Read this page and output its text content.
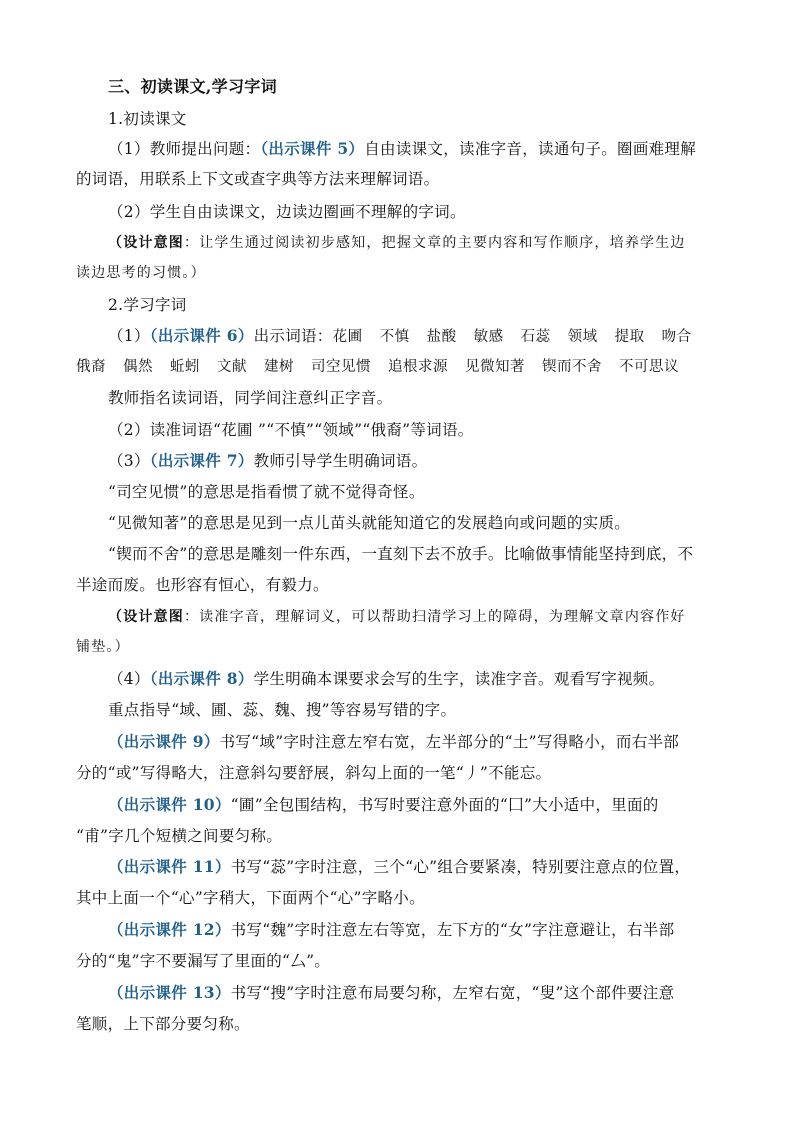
三、初读课文,学习字词
1.初读课文
（1）教师提出问题：（出示课件 5）自由读课文，读准字音，读通句子。圈画难理解
的词语，用联系上下文或查字典等方法来理解词语。
（2）学生自由读课文，边读边圈画不理解的字词。
（设计意图：让学生通过阅读初步感知，把握文章的主要内容和写作顺序，培养学生边
读边思考的习惯。）
2.学习字词
（1）（出示课件 6）出示词语：花圃 不慎 盐酸 敏感 石蕊 领域 提取 吻合
俄裔 偶然 蚯蚓 文献 建树 司空见惯 追根求源 见微知著 锲而不舍 不可思议
教师指名读词语，同学间注意纠正字音。
（2）读准词语“花圃 ”“不慎”“领域”“俄裔”等词语。
（3）（出示课件 7）教师引导学生明确词语。
“司空见惯”的意思是指看惯了就不觉得奇怪。
“见微知著”的意思是见到一点儿苗头就能知道它的发展趋向或问题的实质。
“锲而不舍”的意思是雕刻一件东西，一直刻下去不放手。比喻做事情能坚持到底，不
半途而废。也形容有恒心，有毅力。
（设计意图：读准字音，理解词义，可以帮助扫清学习上的障碍，为理解文章内容作好
铺垫。）
（4）（出示课件 8）学生明确本课要求会写的生字，读准字音。观看写字视频。
重点指导“域、圃、蕊、魏、搜”等容易写错的字。
（出示课件 9）书写“域”字时注意左窄右宽，左半部分的“土”写得略小，而右半部
分的“或”写得略大，注意斜勾要舒展，斜勾上面的一笔“丿”不能忘。
（出示课件 10）“圃”全包围结构，书写时要注意外面的“囗”大小适中，里面的
“甫”字几个短横之间要匀称。
（出示课件 11）书写“蕊”字时注意，三个“心”组合要紧凑，特别要注意点的位置，
其中上面一个“心”字稍大，下面两个“心”字略小。
（出示课件 12）书写“魏”字时注意左右等宽，左下方的“女”字注意避让，右半部
分的“鬼”字不要漏写了里面的“厶”。
（出示课件 13）书写“搜”字时注意布局要匀称，左窄右宽，“叟”这个部件要注意
笔顺，上下部分要匀称。
